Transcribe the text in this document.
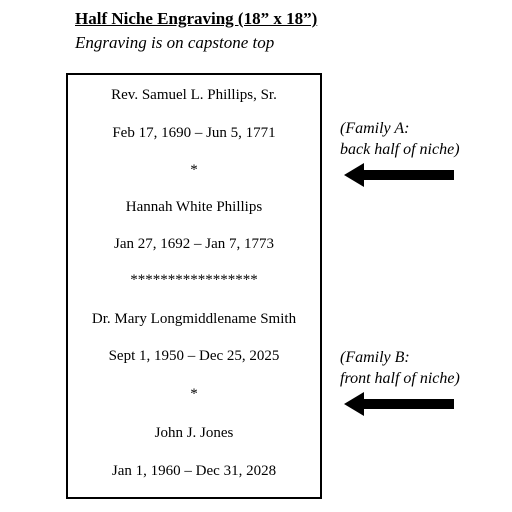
Half Niche Engraving (18” x 18”)
Engraving is on capstone top
Rev. Samuel L. Phillips, Sr.
Feb 17, 1690 – Jun 5, 1771
*
Hannah White Phillips
Jan 27, 1692 – Jan 7, 1773
*****************
Dr. Mary Longmiddlename Smith
Sept 1, 1950 – Dec 25, 2025
*
John J. Jones
Jan 1, 1960 – Dec 31, 2028
(Family A:
back half of niche)
(Family B:
front half of niche)
